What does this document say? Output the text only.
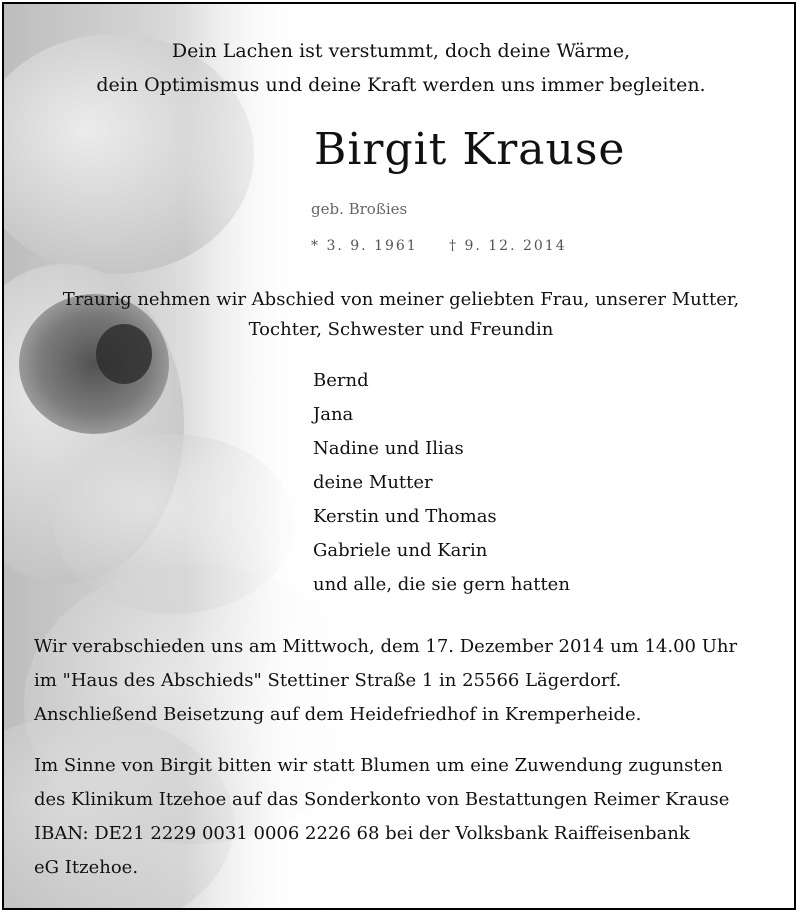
Dein Lachen ist verstummt, doch deine Wärme,
dein Optimismus und deine Kraft werden uns immer begleiten.
Birgit Krause
geb. Broßies
* 3. 9. 1961 † 9. 12. 2014
Traurig nehmen wir Abschied von meiner geliebten Frau, unserer Mutter,
Tochter, Schwester und Freundin
Bernd
Jana
Nadine und Ilias
deine Mutter
Kerstin und Thomas
Gabriele und Karin
und alle, die sie gern hatten
Wir verabschieden uns am Mittwoch, dem 17. Dezember 2014 um 14.00 Uhr
im "Haus des Abschieds" Stettiner Straße 1 in 25566 Lägerdorf.
Anschließend Beisetzung auf dem Heidefriedhof in Kremperheide.
Im Sinne von Birgit bitten wir statt Blumen um eine Zuwendung zugunsten
des Klinikum Itzehoe auf das Sonderkonto von Bestattungen Reimer Krause
IBAN: DE21 2229 0031 0006 2226 68 bei der Volksbank Raiffeisenbank
eG Itzehoe.
